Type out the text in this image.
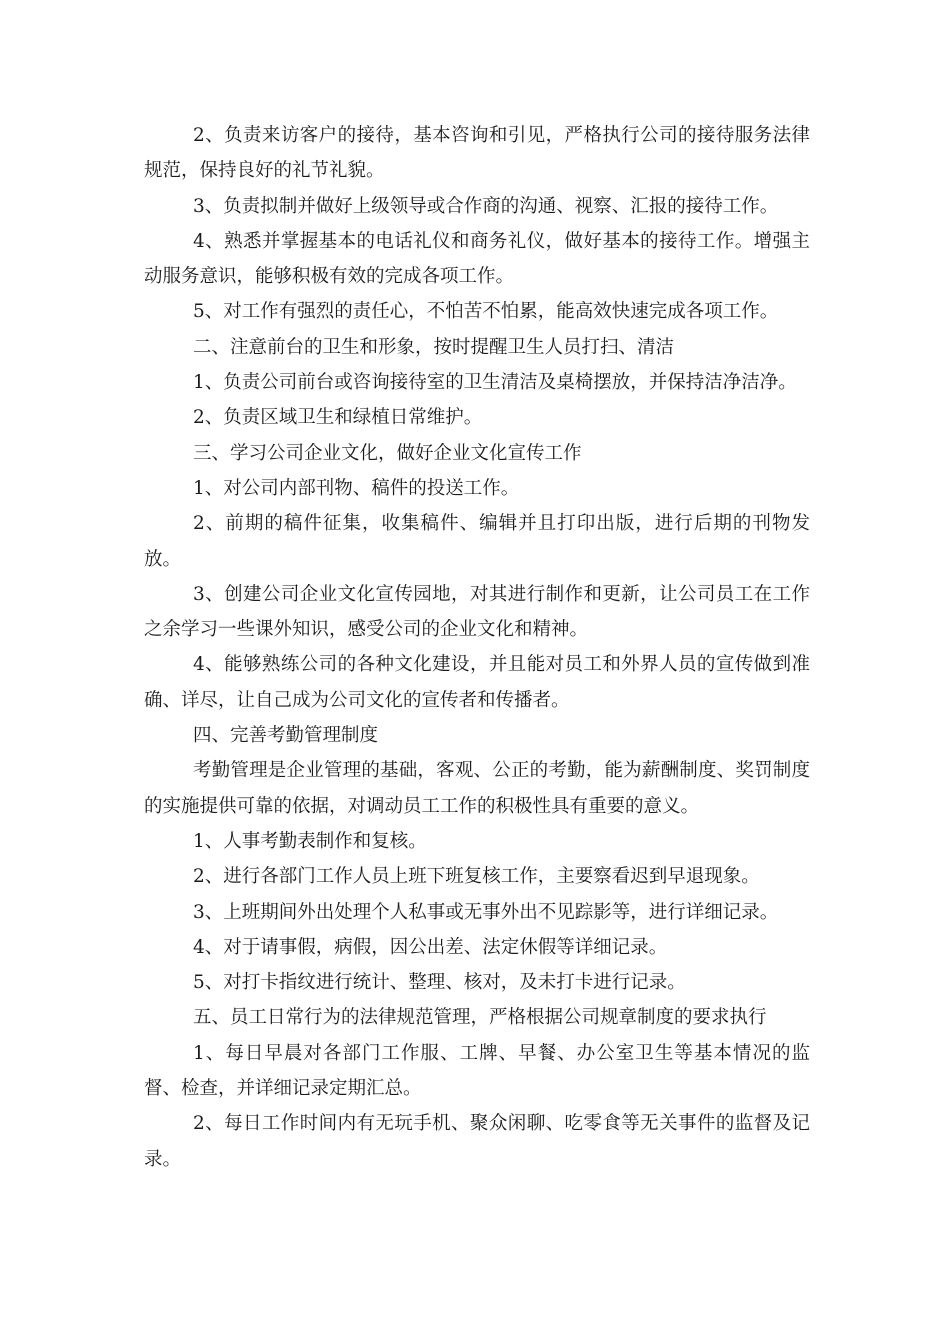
2、负责来访客户的接待，基本咨询和引见，严格执行公司的接待服务法律规范，保持良好的礼节礼貌。

3、负责拟制并做好上级领导或合作商的沟通、视察、汇报的接待工作。

4、熟悉并掌握基本的电话礼仪和商务礼仪，做好基本的接待工作。增强主动服务意识，能够积极有效的完成各项工作。

5、对工作有强烈的责任心，不怕苦不怕累，能高效快速完成各项工作。

二、注意前台的卫生和形象，按时提醒卫生人员打扫、清洁

1、负责公司前台或咨询接待室的卫生清洁及桌椅摆放，并保持洁净洁净。

2、负责区域卫生和绿植日常维护。

三、学习公司企业文化，做好企业文化宣传工作

1、对公司内部刊物、稿件的投送工作。

2、前期的稿件征集，收集稿件、编辑并且打印出版，进行后期的刊物发放。

3、创建公司企业文化宣传园地，对其进行制作和更新，让公司员工在工作之余学习一些课外知识，感受公司的企业文化和精神。

4、能够熟练公司的各种文化建设，并且能对员工和外界人员的宣传做到准确、详尽，让自己成为公司文化的宣传者和传播者。

四、完善考勤管理制度

考勤管理是企业管理的基础，客观、公正的考勤，能为薪酬制度、奖罚制度的实施提供可靠的依据，对调动员工工作的积极性具有重要的意义。

1、人事考勤表制作和复核。

2、进行各部门工作人员上班下班复核工作，主要察看迟到早退现象。

3、上班期间外出处理个人私事或无事外出不见踪影等，进行详细记录。

4、对于请事假，病假，因公出差、法定休假等详细记录。

5、对打卡指纹进行统计、整理、核对，及未打卡进行记录。

五、员工日常行为的法律规范管理，严格根据公司规章制度的要求执行

1、每日早晨对各部门工作服、工牌、早餐、办公室卫生等基本情况的监督、检查，并详细记录定期汇总。

2、每日工作时间内有无玩手机、聚众闲聊、吃零食等无关事件的监督及记录。
